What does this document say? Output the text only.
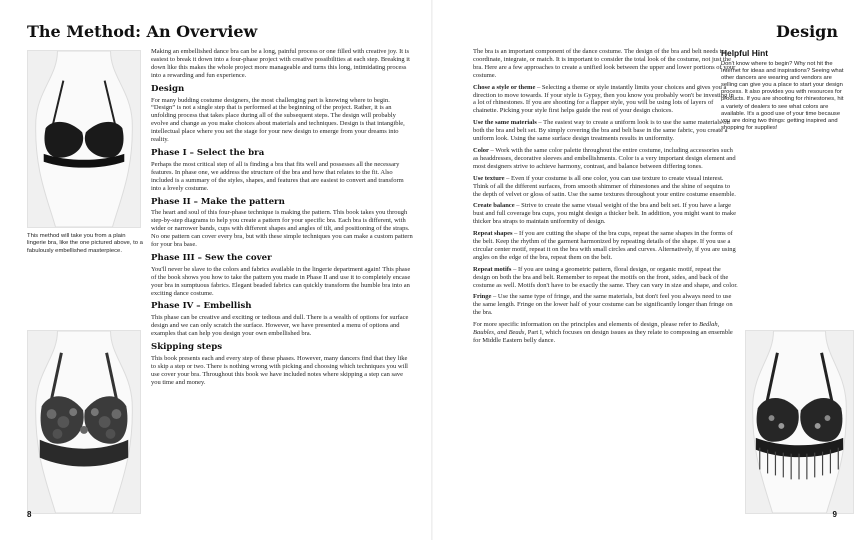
The Method: An Overview
This method will take you from a plain lingerie bra, like the one pictured above, to a fabulously embellished masterpiece.

Making an embellished dance bra can be a long, painful process or one filled with creative joy. It is easiest to break it down into a four-phase project with creative possibilities at each step. Breaking it down like this makes the whole project more manageable and turns this long, intimidating process into a rewarding and fun experience.

Design

For many budding costume designers, the most challenging part is knowing where to begin. “Design” is not a single step that is performed at the beginning of the project. Rather, it is an unfolding process that takes place during all of the subsequent steps. The design will probably evolve and change as you make choices about materials and techniques. Design is that intangible, intellectual place where you set the stage for your new design to emerge from your dreams into reality.

Phase I – Select the bra

Perhaps the most critical step of all is finding a bra that fits well and possesses all the necessary features. In phase one, we address the structure of the bra and how that relates to the fit. Also included is a summary of the styles, shapes, and features that are easiest to convert and transform into a lovely costume.

Phase II – Make the pattern

The heart and soul of this four-phase technique is making the pattern. This book takes you through step-by-step diagrams to help you create a pattern for your specific bra. Each bra is different, with wider or narrower bands, cups with different shapes and angles of tilt, and positioning of the straps. No one pattern can cover every bra, but with these simple techniques you can make a custom pattern for your bra base.

Phase III – Sew the cover

You'll never be slave to the colors and fabrics available in the lingerie department again! This phase of the book shows you how to take the pattern you made in Phase II and use it to completely encase your bra in sumptuous fabrics. Elegant beaded fabrics can quickly transform the humble bra into an exciting dance costume.

Phase IV – Embellish

This phase can be creative and exciting or tedious and dull. There is a wealth of options for surface design and we can only scratch the surface. However, we have presented a menu of options and examples that can help you design your own embellished bra.

Skipping steps

This book presents each and every step of these phases. However, many dancers find that they like to skip a step or two. There is nothing wrong with picking and choosing which techniques you will use cover your bra. Throughout this book we have included notes where skipping a step can save you time and money.

8
Design

The bra is an important component of the dance costume. The design of the bra and belt needs to coordinate, integrate, or match. It is important to consider the total look of the costume, not just the bra. Here are a few approaches to create a unified look between the upper and lower portions of your costume.

Chose a style or theme – Selecting a theme or style instantly limits your choices and gives you a direction to move towards. If your style is Gypsy, then you know you probably won't be investing in a lot of rhinestones. If you are shooting for a flapper style, you will be using lots of layers of chainette. Picking your style first helps guide the rest of your design choices.

Use the same materials – The easiest way to create a uniform look is to use the same materials on both the bra and belt set. By simply covering the bra and belt base in the same fabric, you create a uniform look. Using the same surface design treatments results in uniformity.

Color – Work with the same color palette throughout the entire costume, including accessories such as headdresses, decorative sleeves and embellishments. Color is a very important design element and most designers strive to achieve harmony, contrast, and balance between differing tones.

Use texture – Even if your costume is all one color, you can use texture to create visual interest. Think of all the different surfaces, from smooth shimmer of rhinestones and the shine of sequins to the depth of velvet or gloss of satin. Use the same textures throughout your entire costume ensemble.

Create balance – Strive to create the same visual weight of the bra and belt set. If you have a large bust and full coverage bra cups, you might design a thicker belt. In addition, you might want to make thicker bra straps to maintain uniformity of design.

Repeat shapes – If you are cutting the shape of the bra cups, repeat the same shapes in the forms of the belt. Keep the rhythm of the garment harmonized by repeating details of the shape. If you use a circular center motif, repeat it on the bra with small circles and curves. Alternatively, if you are using angles on the edge of the bra, repeat them on the belt.

Repeat motifs – If you are using a geometric pattern, floral design, or organic motif, repeat the design on both the bra and belt. Remember to repeat the motifs on the front, sides, and back of the costume as well. Motifs don't have to be exactly the same. They can vary in size and shape, and color.

Fringe – Use the same type of fringe, and the same materials, but don't feel you always need to use the same length. Fringe on the lower half of your costume can be significantly longer than fringe on the bra.

For more specific information on the principles and elements of design, please refer to Bedlah, Baubles, and Beads, Part I, which focuses on design issues as they relate to composing an ensemble for Middle Eastern belly dance.

Helpful Hint
Don't know where to begin? Why not hit the Internet for ideas and inspirations? Seeing what other dancers are wearing and vendors are selling can give you a place to start your design process. It also provides you with resources for products. If you are shooting for rhinestones, hit a variety of dealers to see what colors are available. It's a good use of your time because you are doing two things: getting inspired and shopping for supplies!
9
